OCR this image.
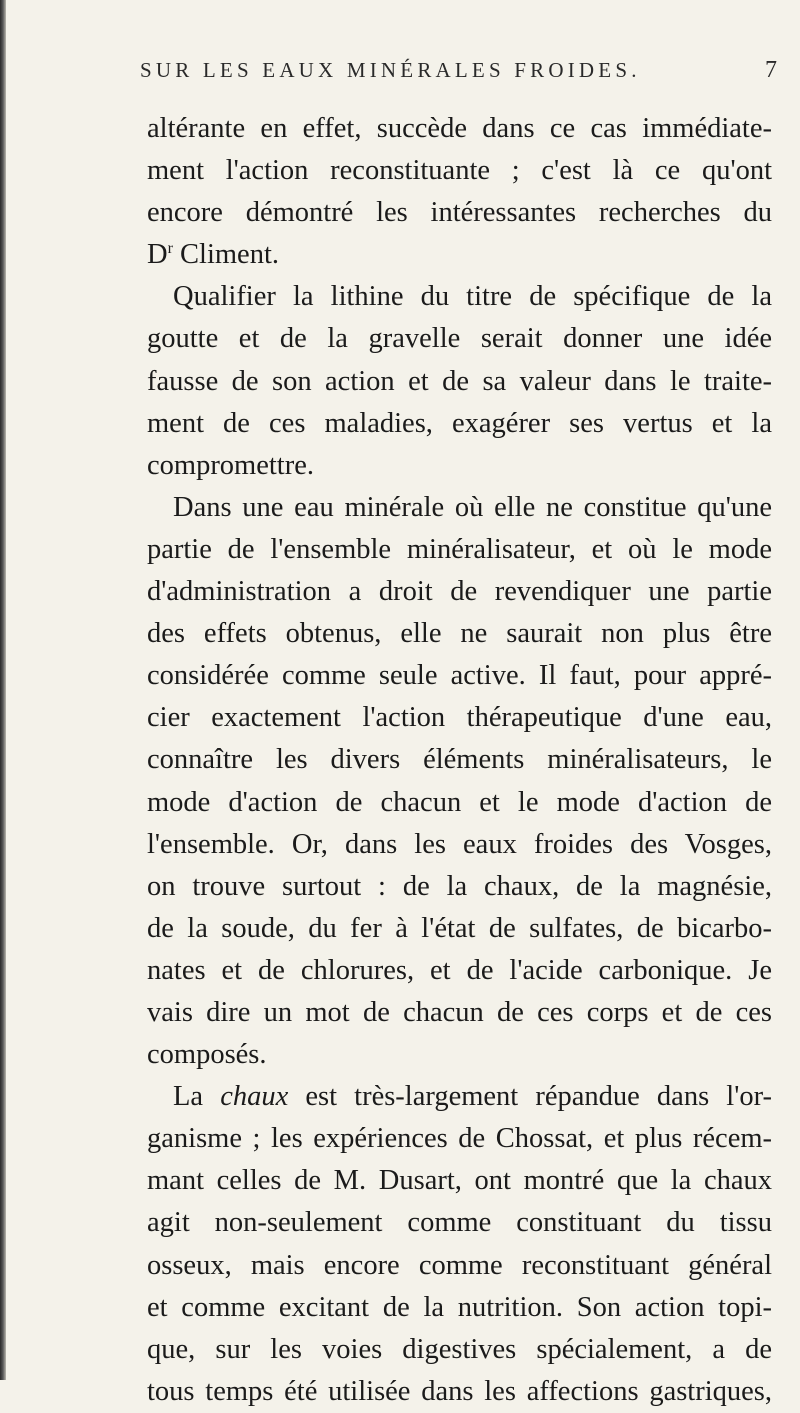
SUR LES EAUX MINÉRALES FROIDES.	7
altérante en effet, succède dans ce cas immédiate-
ment l'action reconstituante ; c'est là ce qu'ont
encore démontré les intéressantes recherches du
$D^r$ Climent.
Qualifier la lithine du titre de spécifique de la
goutte et de la gravelle serait donner une idée
fausse de son action et de sa valeur dans le traite-
ment de ces maladies, exagérer ses vertus et la
compromettre.
Dans une eau minérale où elle ne constitue qu'une
partie de l'ensemble minéralisateur, et où le mode
d'administration a droit de revendiquer une partie
des effets obtenus, elle ne saurait non plus être
considérée comme seule active. Il faut, pour appré-
cier exactement l'action thérapeutique d'une eau,
connaître les divers éléments minéralisateurs, le
mode d'action de chacun et le mode d'action de
l'ensemble. Or, dans les eaux froides des Vosges,
on trouve surtout : de la chaux, de la magnésie,
de la soude, du fer à l'état de sulfates, de bicarbo-
nates et de chlorures, et de l'acide carbonique. Je
vais dire un mot de chacun de ces corps et de ces
composés.
La chaux est très-largement répandue dans l'or-
ganisme ; les expériences de Chossat, et plus récem-
mant celles de M. Dusart, ont montré que la chaux
agit non-seulement comme constituant du tissu
osseux, mais encore comme reconstituant général
et comme excitant de la nutrition. Son action topi-
que, sur les voies digestives spécialement, a de
tous temps été utilisée dans les affections gastriques,
